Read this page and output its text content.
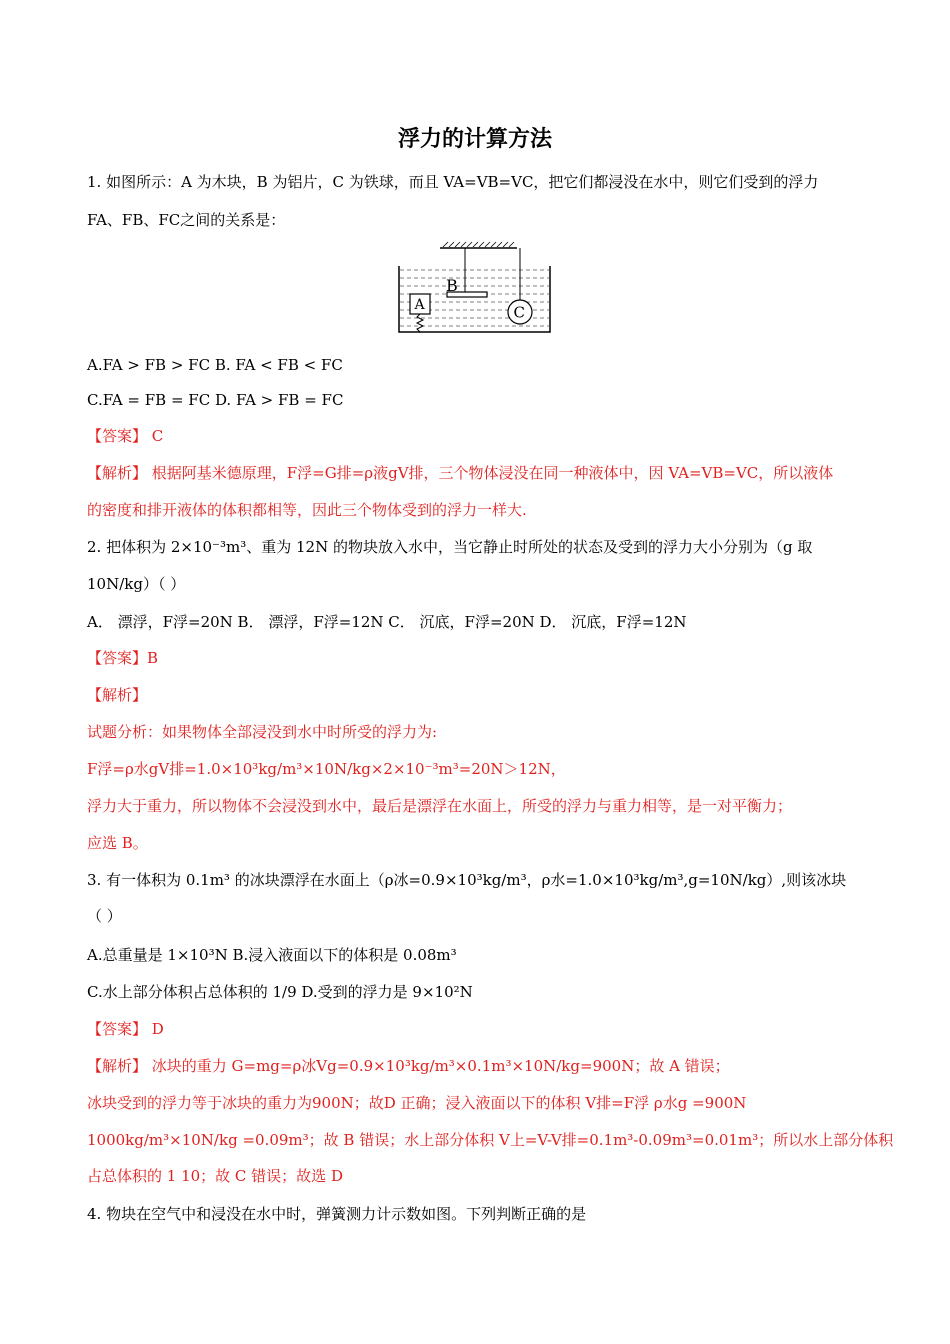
浮力的计算方法
1. 如图所示：A 为木块，B 为铝片，C 为铁球，而且 VA=VB=VC，把它们都浸没在水中，则它们受到的浮力
FA、FB、FC之间的关系是：
B
C
A
A.FA > FB > FC B. FA < FB < FC
C.FA = FB = FC D. FA > FB = FC
【答案】 C
【解析】 根据阿基米德原理，F浮=G排=ρ液gV排，三个物体浸没在同一种液体中，因 VA=VB=VC，所以液体
的密度和排开液体的体积都相等，因此三个物体受到的浮力一样大.
2. 把体积为 2×10⁻³m³、重为 12N 的物块放入水中，当它静止时所处的状态及受到的浮力大小分别为（g 取
10N/kg）（ ）
A． 漂浮，F浮=20N B． 漂浮，F浮=12N C． 沉底，F浮=20N D． 沉底，F浮=12N
【答案】B
【解析】
试题分析：如果物体全部浸没到水中时所受的浮力为:
F浮=ρ水gV排=1.0×10³kg/m³×10N/kg×2×10⁻³m³=20N＞12N，
浮力大于重力，所以物体不会浸没到水中，最后是漂浮在水面上，所受的浮力与重力相等，是一对平衡力；
应选 B。
3. 有一体积为 0.1m³ 的冰块漂浮在水面上（ρ冰=0.9×10³kg/m³，ρ水=1.0×10³kg/m³,g=10N/kg）,则该冰块
（ ）
A.总重量是 1×10³N B.浸入液面以下的体积是 0.08m³
C.水上部分体积占总体积的 1/9 D.受到的浮力是 9×10²N
【答案】 D
【解析】 冰块的重力 G=mg=ρ冰Vg=0.9×10³kg/m³×0.1m³×10N/kg=900N；故 A 错误；
冰块受到的浮力等于冰块的重力为900N；故D 正确；浸入液面以下的体积 V排=F浮 ρ水g =900N
1000kg/m³×10N/kg =0.09m³；故 B 错误；水上部分体积 V上=V-V排=0.1m³-0.09m³=0.01m³；所以水上部分体积
占总体积的 1 10；故 C 错误；故选 D
4. 物块在空气中和浸没在水中时，弹簧测力计示数如图。下列判断正确的是
